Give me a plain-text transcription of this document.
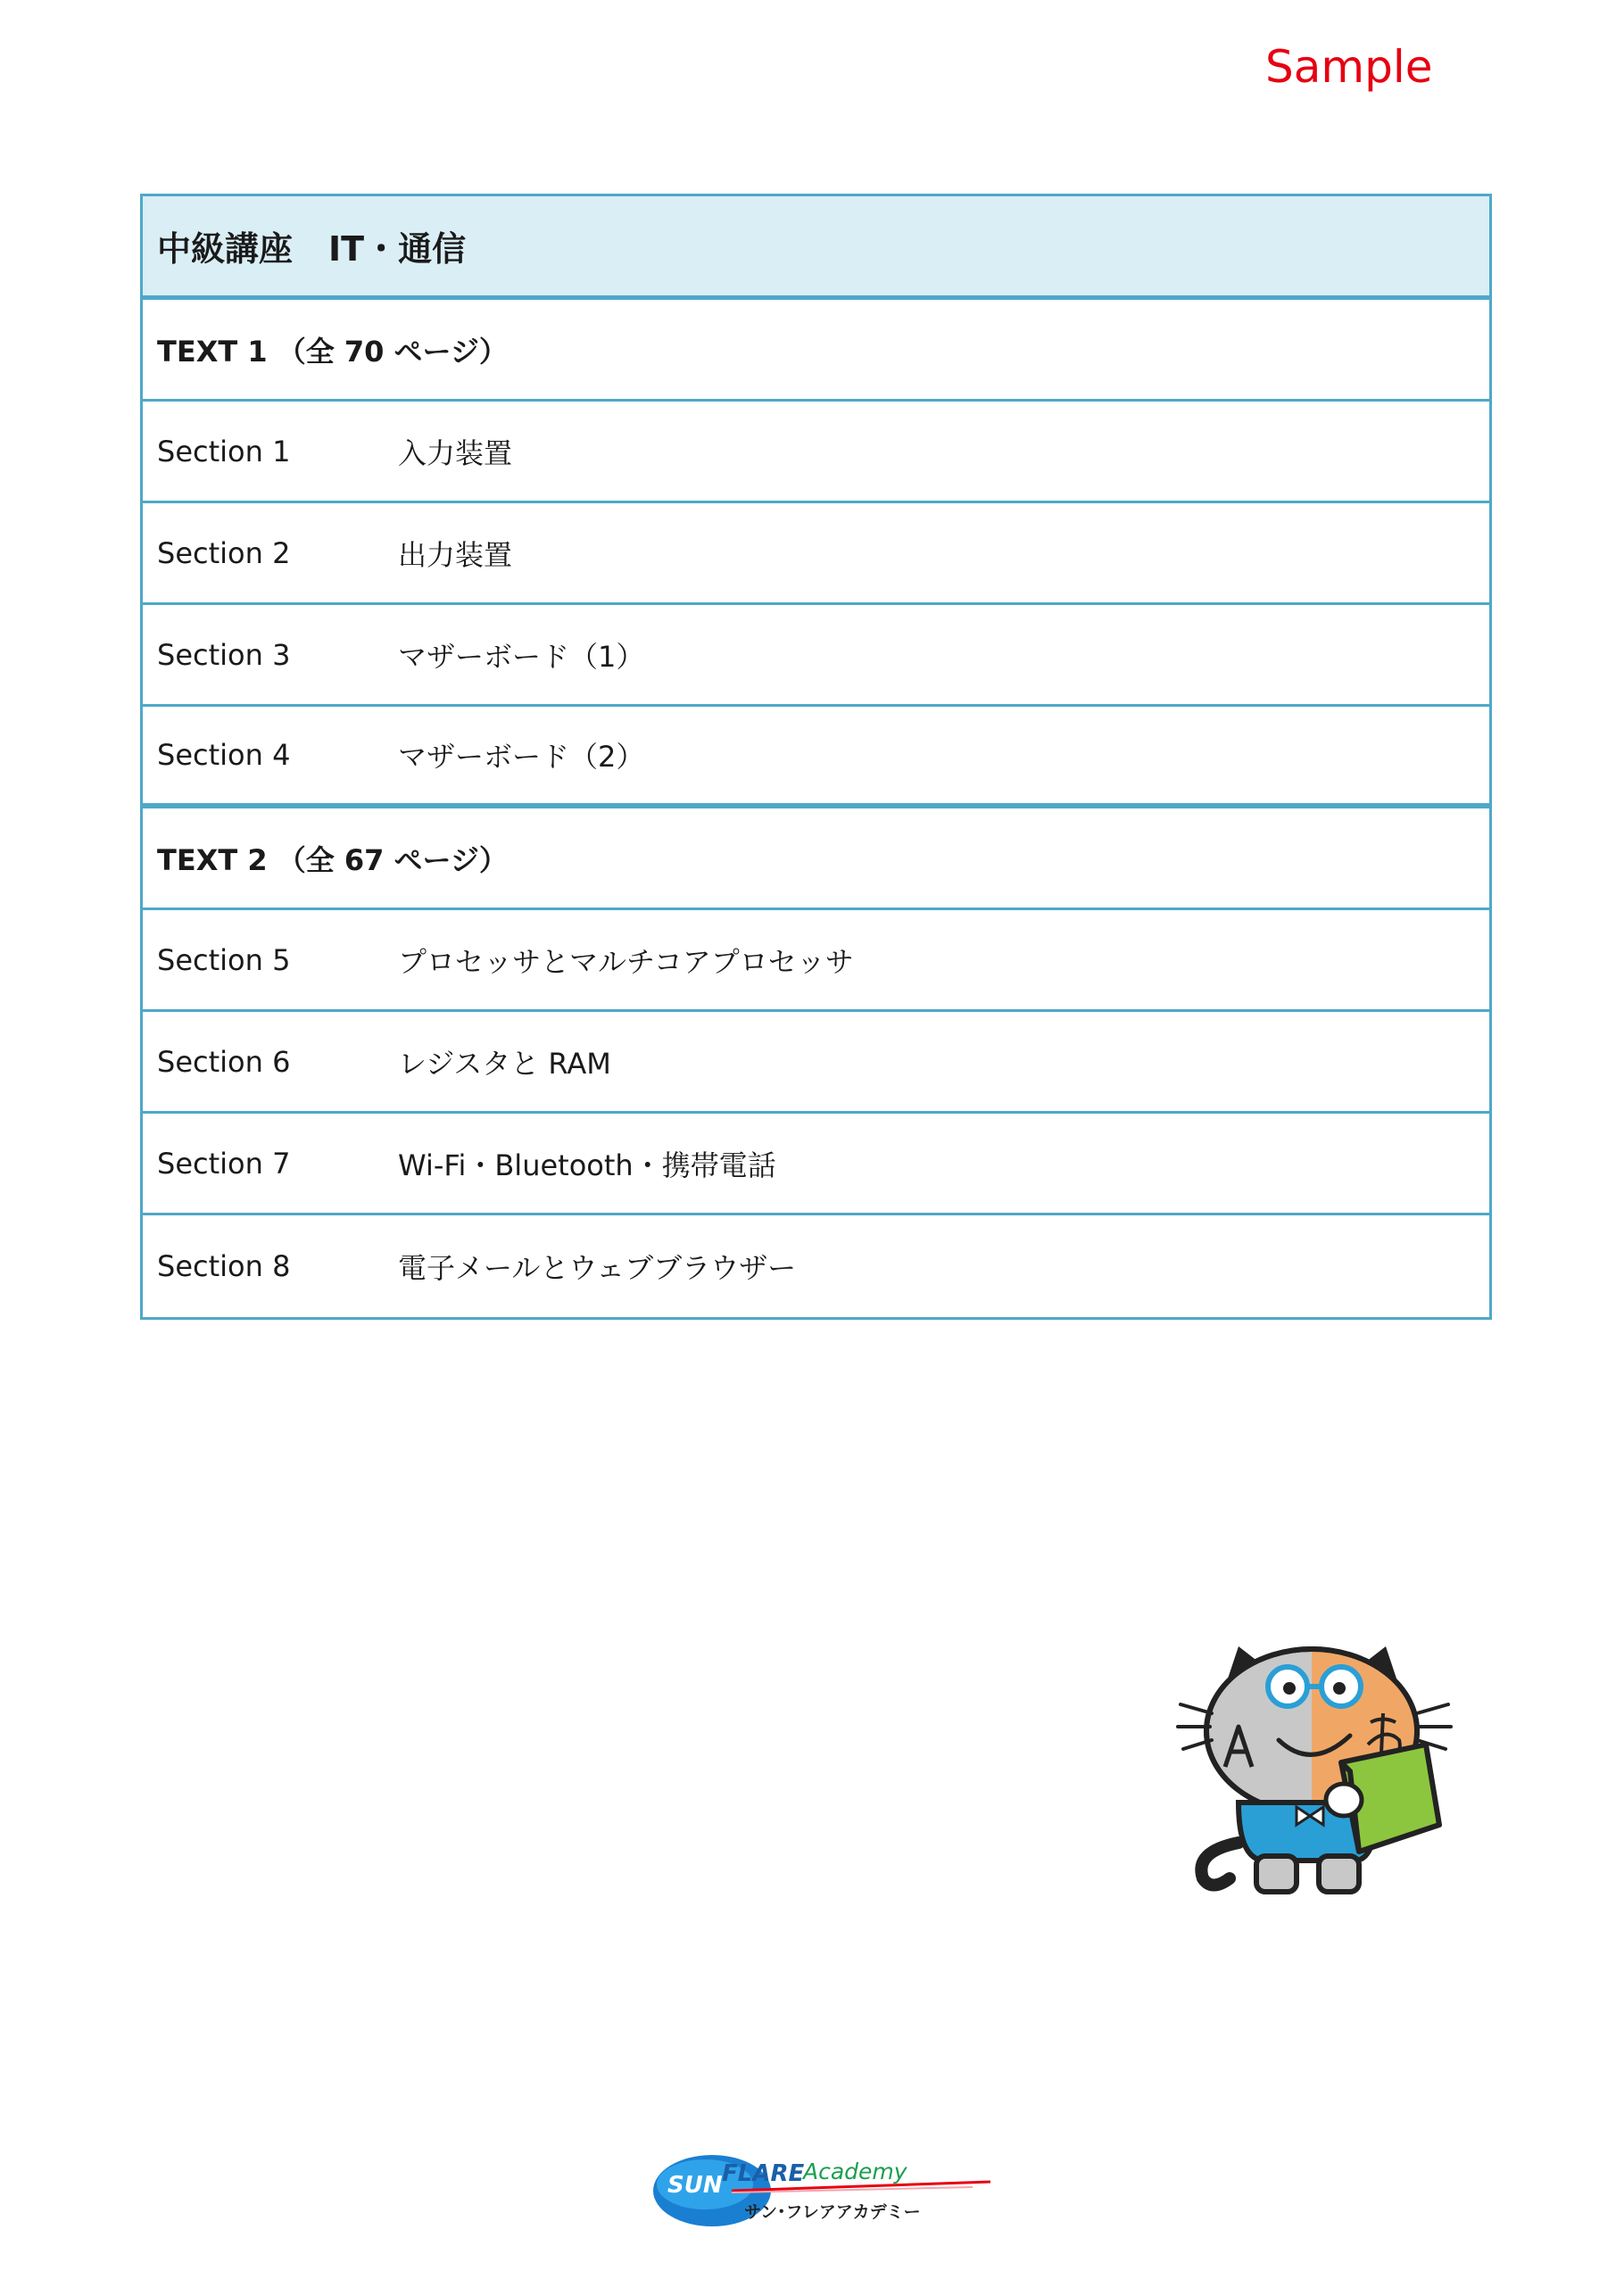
Sample
中級講座 IT・通信
TEXT 1 （全 70 ページ）
Section 1	入力装置
Section 2	出力装置
Section 3	マザーボード（1）
Section 4	マザーボード（2）
TEXT 2 （全 67 ページ）
Section 5	プロセッサとマルチコアプロセッサ
Section 6	レジスタと RAM
Section 7	Wi-Fi・Bluetooth・携帯電話
Section 8	電子メールとウェブブラウザー
SUN FLARE
Academy
サン･フレアアカデミー
